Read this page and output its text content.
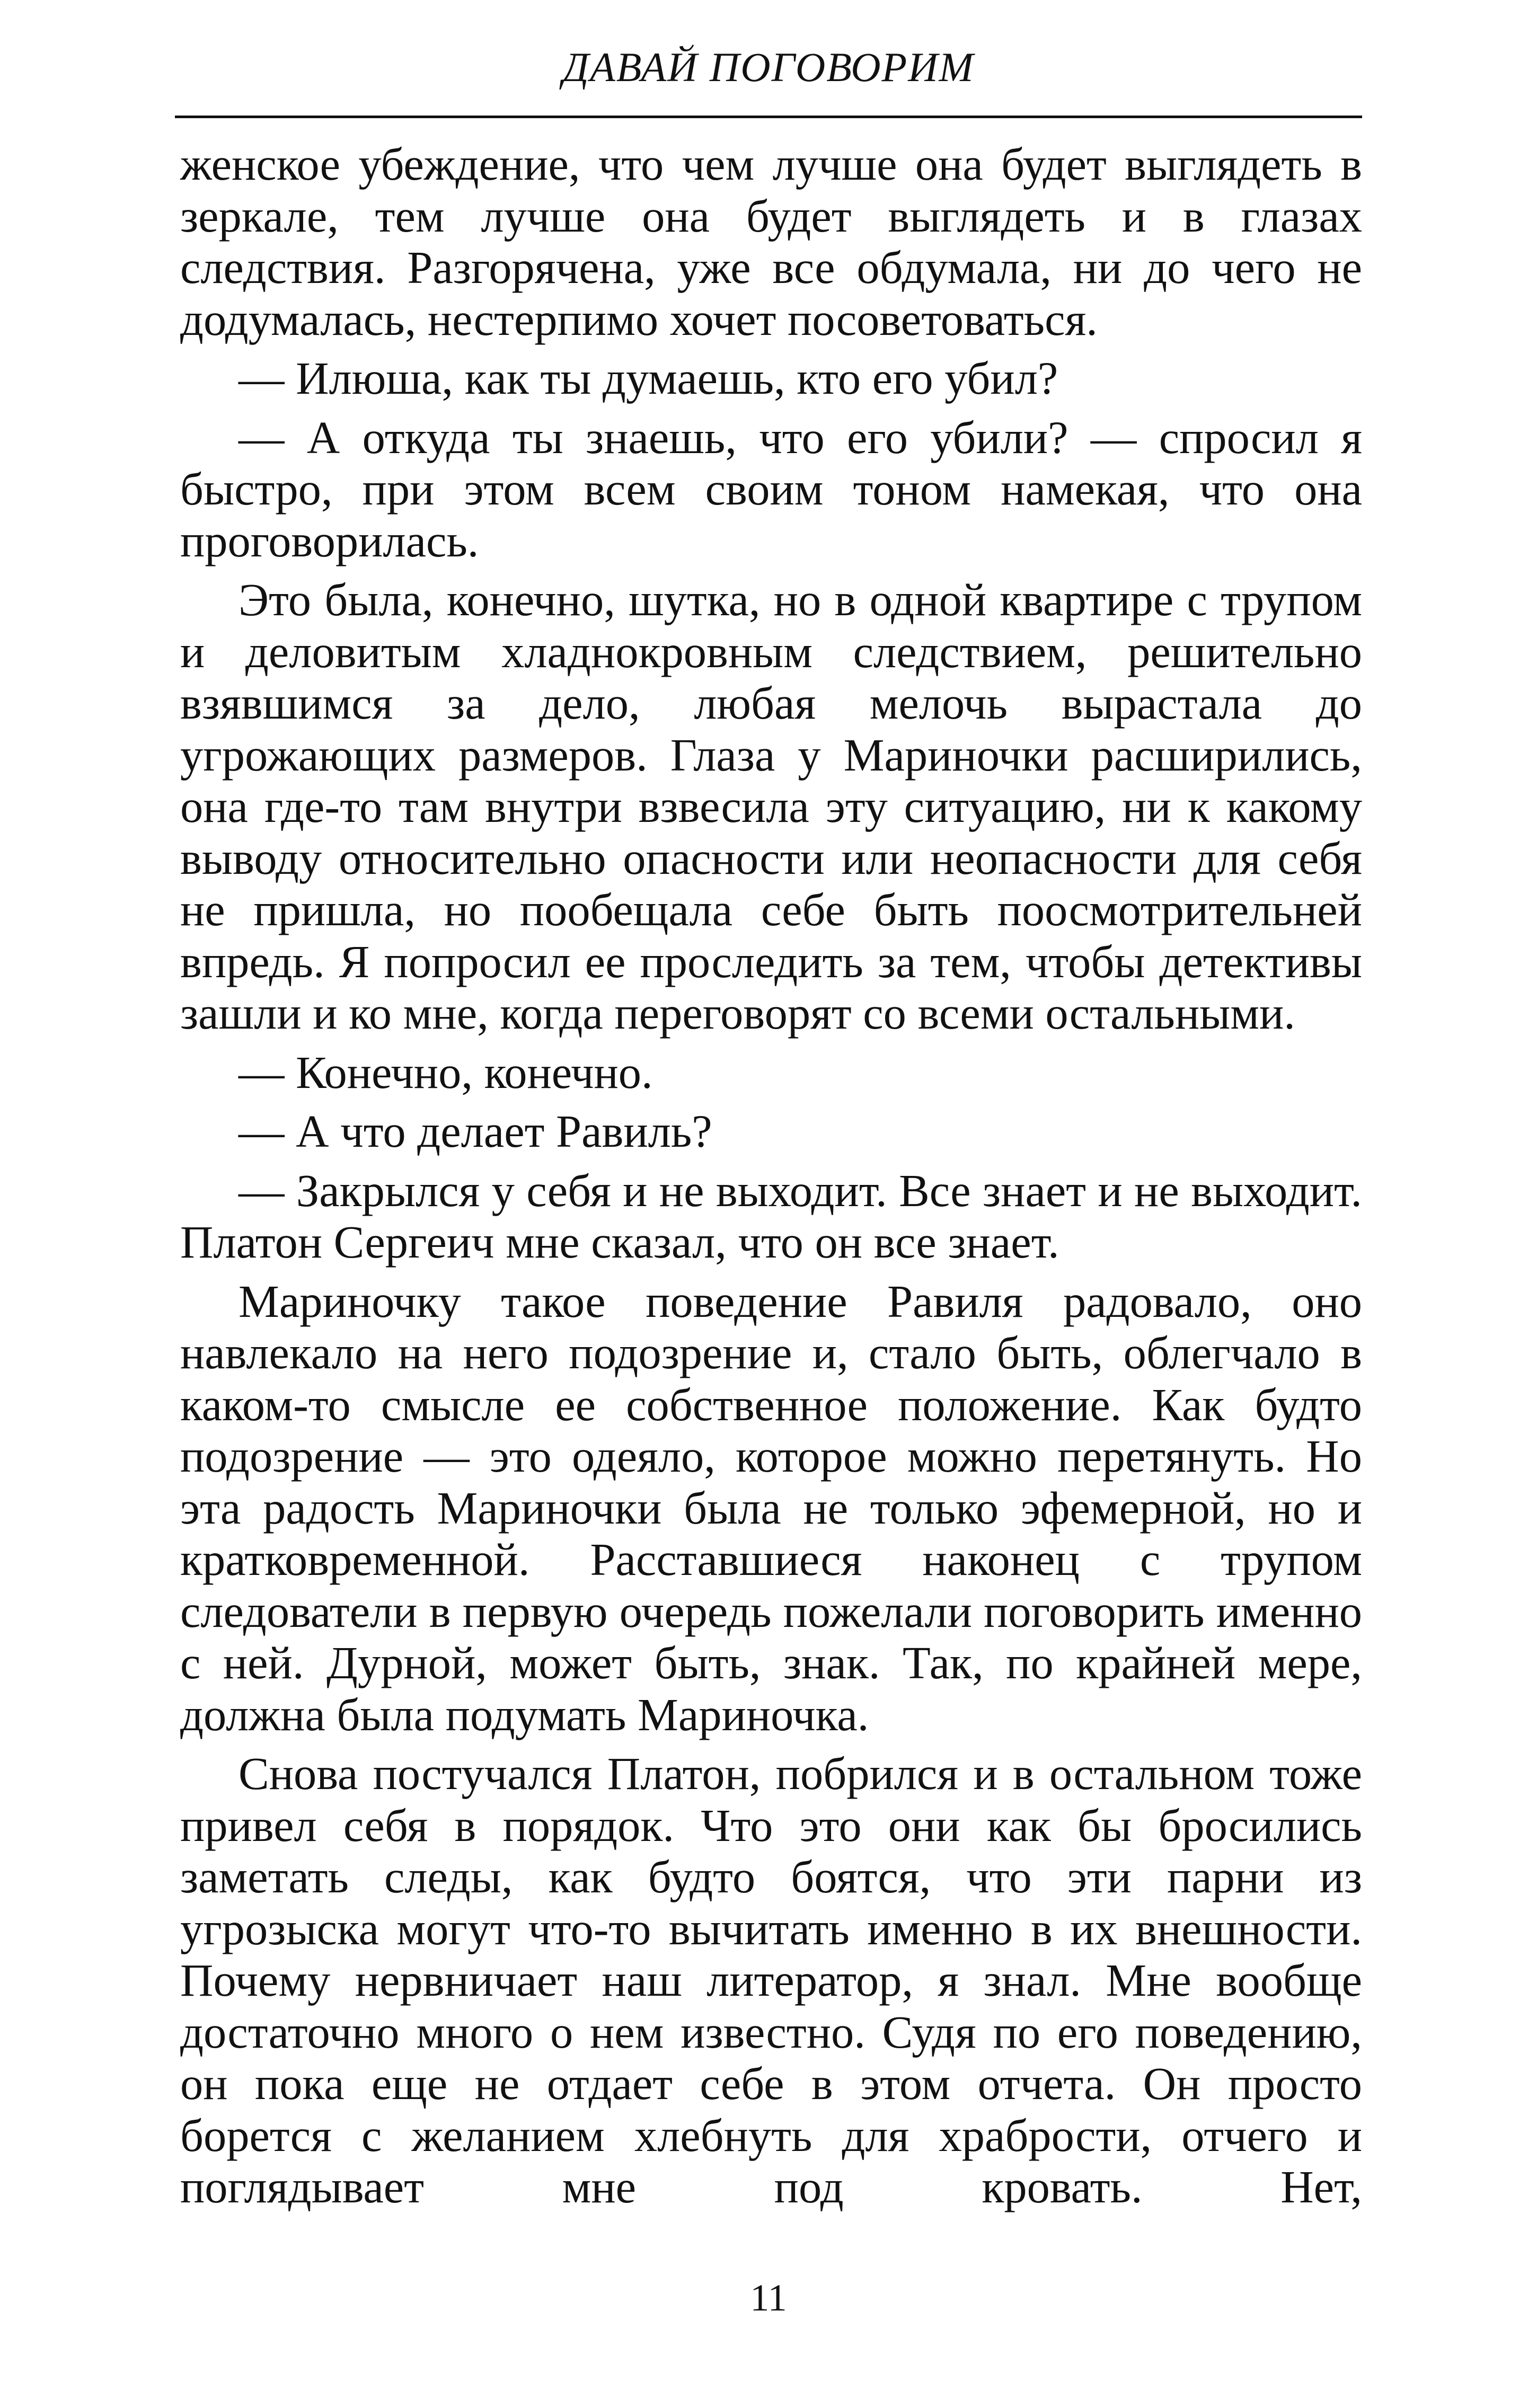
ДАВАЙ ПОГОВОРИМ

женское убеждение, что чем лучше она будет выглядеть в зеркале, тем лучше она будет выглядеть и в глазах следствия. Разгорячена, уже все обдумала, ни до чего не додумалась, нестерпимо хочет посоветоваться.

— Илюша, как ты думаешь, кто его убил?

— А откуда ты знаешь, что его убили? — спросил я быстро, при этом всем своим тоном намекая, что она проговорилась.

Это была, конечно, шутка, но в одной квартире с трупом и деловитым хладнокровным следствием, решительно взявшимся за дело, любая мелочь вырастала до угрожающих размеров. Глаза у Мариночки расширились, она где-то там внутри взвесила эту ситуацию, ни к какому выводу относительно опасности или неопасности для себя не пришла, но пообещала себе быть поосмотрительней впредь. Я попросил ее проследить за тем, чтобы детективы зашли и ко мне, когда переговорят со всеми остальными.

— Конечно, конечно.

— А что делает Равиль?

— Закрылся у себя и не выходит. Все знает и не выходит. Платон Сергеич мне сказал, что он все знает.

Мариночку такое поведение Равиля радовало, оно навлекало на него подозрение и, стало быть, облегчало в каком-то смысле ее собственное положение. Как будто подозрение — это одеяло, которое можно перетянуть. Но эта радость Мариночки была не только эфемерной, но и кратковременной. Расставшиеся наконец с трупом следователи в первую очередь пожелали поговорить именно с ней. Дурной, может быть, знак. Так, по крайней мере, должна была подумать Мариночка.

Снова постучался Платон, побрился и в остальном тоже привел себя в порядок. Что это они как бы бросились заметать следы, как будто боятся, что эти парни из угрозыска могут что-то вычитать именно в их внешности. Почему нервничает наш литератор, я знал. Мне вообще достаточно много о нем известно. Судя по его поведению, он пока еще не отдает себе в этом отчета. Он просто борется с желанием хлебнуть для храбрости, отчего и поглядывает мне под кровать. Нет,

11
